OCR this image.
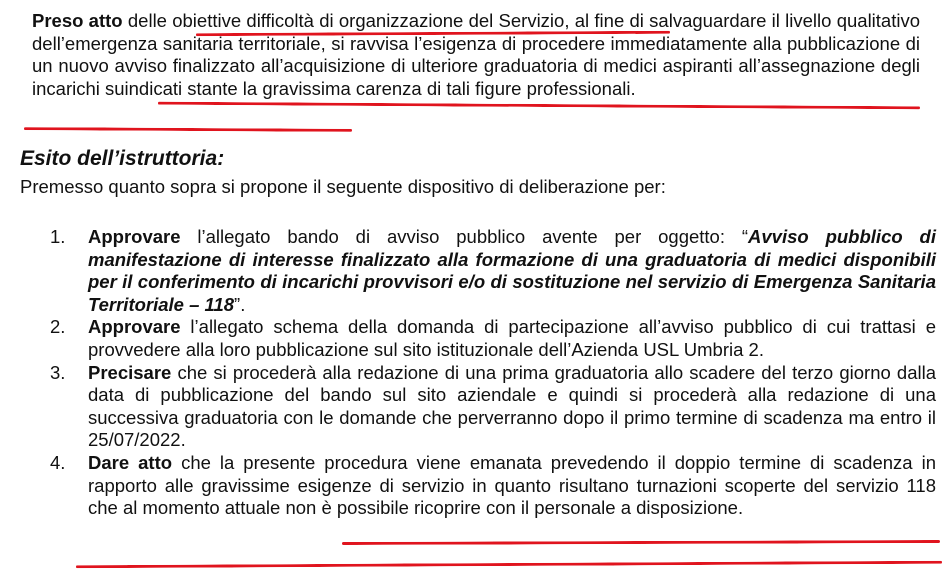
Preso atto delle obiettive difficoltà di organizzazione del Servizio, al fine di salvaguardare il livello qualitativo dell’emergenza sanitaria territoriale, si ravvisa l’esigenza di procedere immediatamente alla pubblicazione di un nuovo avviso finalizzato all’acquisizione di ulteriore graduatoria di medici aspiranti all’assegnazione degli incarichi suindicati stante la gravissima carenza di tali figure professionali.

Esito dell’istruttoria:

Premesso quanto sopra si propone il seguente dispositivo di deliberazione per:

1. Approvare l’allegato bando di avviso pubblico avente per oggetto: “Avviso pubblico di manifestazione di interesse finalizzato alla formazione di una graduatoria di medici disponibili per il conferimento di incarichi provvisori e/o di sostituzione nel servizio di Emergenza Sanitaria Territoriale – 118”.
2. Approvare l’allegato schema della domanda di partecipazione all’avviso pubblico di cui trattasi e provvedere alla loro pubblicazione sul sito istituzionale dell’Azienda USL Umbria 2.
3. Precisare che si procederà alla redazione di una prima graduatoria allo scadere del terzo giorno dalla data di pubblicazione del bando sul sito aziendale e quindi si procederà alla redazione di una successiva graduatoria con le domande che perverranno dopo il primo termine di scadenza ma entro il 25/07/2022.
4. Dare atto che la presente procedura viene emanata prevedendo il doppio termine di scadenza in rapporto alle gravissime esigenze di servizio in quanto risultano turnazioni scoperte del servizio 118 che al momento attuale non è possibile ricoprire con il personale a disposizione.
